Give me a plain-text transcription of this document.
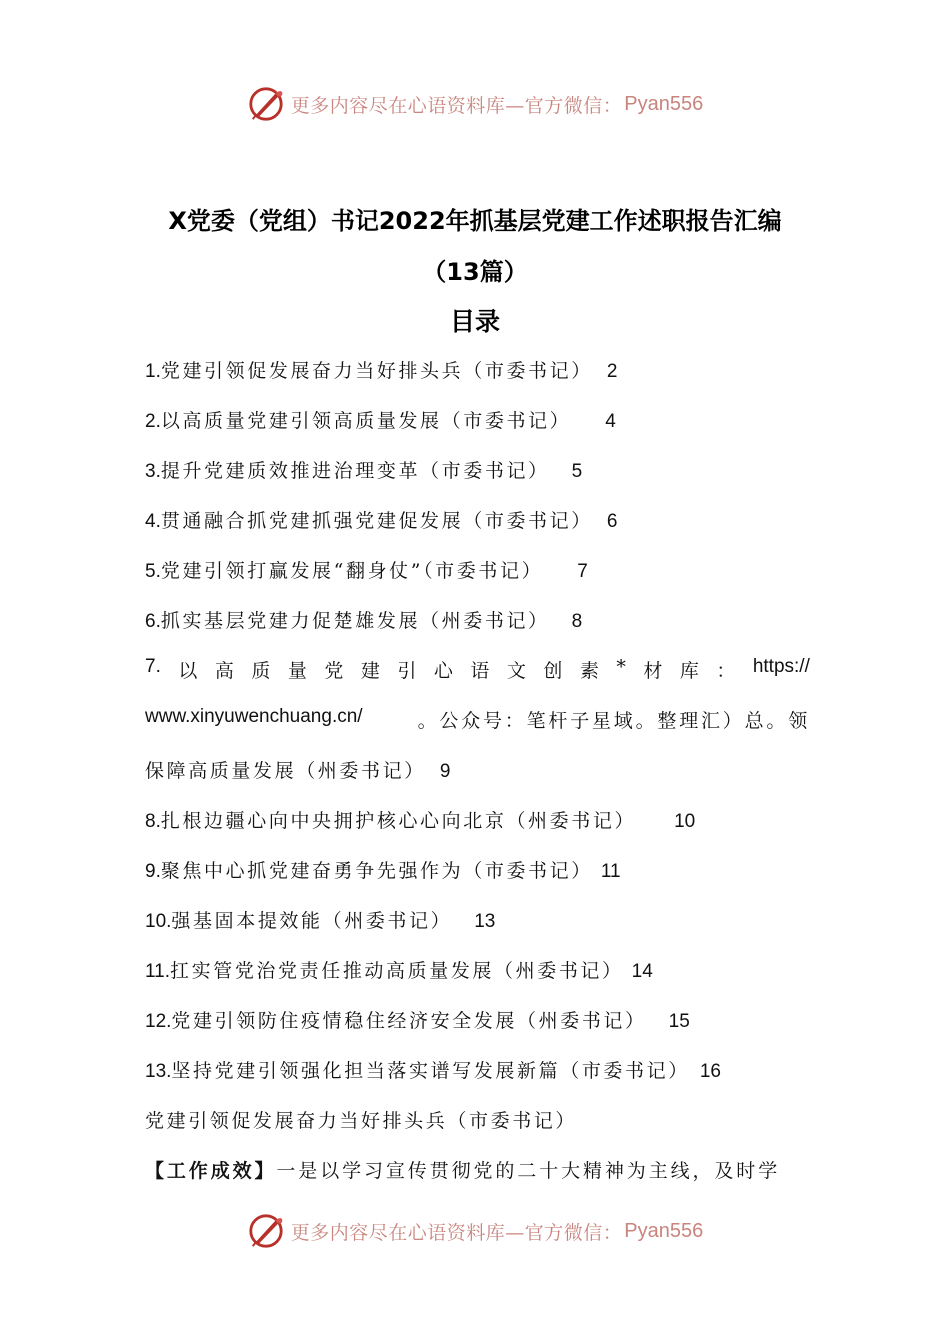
更多内容尽在心语资料库—官方微信： Pyan556
X党委（党组）书记2022年抓基层党建工作述职报告汇编
（13篇）
目录
1.党建引领促发展奋力当好排头兵（市委书记） 2
2.以高质量党建引领高质量发展（市委书记） 4
3.提升党建质效推进治理变革（市委书记） 5
4.贯通融合抓党建抓强党建促发展（市委书记） 6
5.党建引领打赢发展“翻身仗”（市委书记） 7
6.抓实基层党建力促楚雄发展（州委书记） 8
7. 以 高 质 量 党 建 引 心 语 文 创 素 * 材 库 ： https://
www.xinyuwenchuang.cn/	。公众号：笔杆子星域。整理汇）总。领
保障高质量发展（州委书记） 9
8.扎根边疆心向中央拥护核心心向北京（州委书记） 10
9.聚焦中心抓党建奋勇争先强作为（市委书记） 11
10.强基固本提效能（州委书记） 13
11.扛实管党治党责任推动高质量发展（州委书记） 14
12.党建引领防住疫情稳住经济安全发展（州委书记） 15
13.坚持党建引领强化担当落实谱写发展新篇（市委书记） 16
党建引领促发展奋力当好排头兵（市委书记）
【工作成效】一是以学习宣传贯彻党的二十大精神为主线，及时学
更多内容尽在心语资料库—官方微信： Pyan556
